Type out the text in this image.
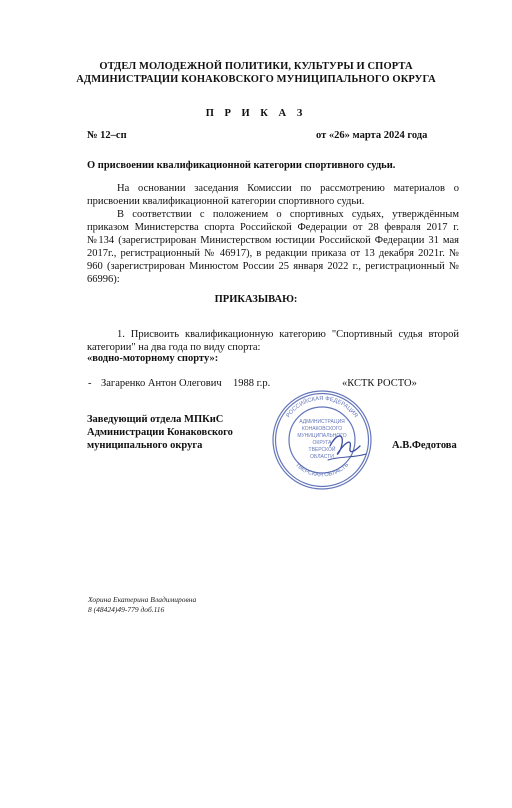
ОТДЕЛ МОЛОДЕЖНОЙ ПОЛИТИКИ, КУЛЬТУРЫ И СПОРТА
АДМИНИСТРАЦИИ КОНАКОВСКОГО МУНИЦИПАЛЬНОГО ОКРУГА
П Р И К А З
№ 12–сп	от «26» марта 2024 года
О присвоении квалификационной категории спортивного судьи.
На основании заседания Комиссии по рассмотрению материалов о присвоении квалификационной категории спортивного судьи.
В соответствии с положением о спортивных судьях, утверждённым приказом Министерства спорта Российской Федерации от 28 февраля 2017 г. №134 (зарегистрирован Министерством юстиции Российской Федерации 31 мая 2017г., регистрационный № 46917), в редакции приказа от 13 декабря 2021г. № 960 (зарегистрирован Минюстом России 25 января 2022 г., регистрационный № 66996):
ПРИКАЗЫВАЮ:
1. Присвоить квалификационную категорию "Спортивный судья второй категории" на два года по виду спорта:
«водно-моторному спорту»:
- Загаренко Антон Олегович 1988 г.р.	«КСТК РОСТО»
Заведующий отдела МПКиС
Администрации Конаковского
муниципального округа
РОССИЙСКАЯ ФЕДЕРАЦИЯ
ТВЕРСКАЯ ОБЛАСТЬ
АДМИНИСТРАЦИЯ
КОНАКОВСКОГО
МУНИЦИПАЛЬНОГО
ОКРУГА
ТВЕРСКОЙ
ОБЛАСТИ
А.В.Федотова
Хорина Екатерина Владимировна
8 (48424)49-779 доб.116
